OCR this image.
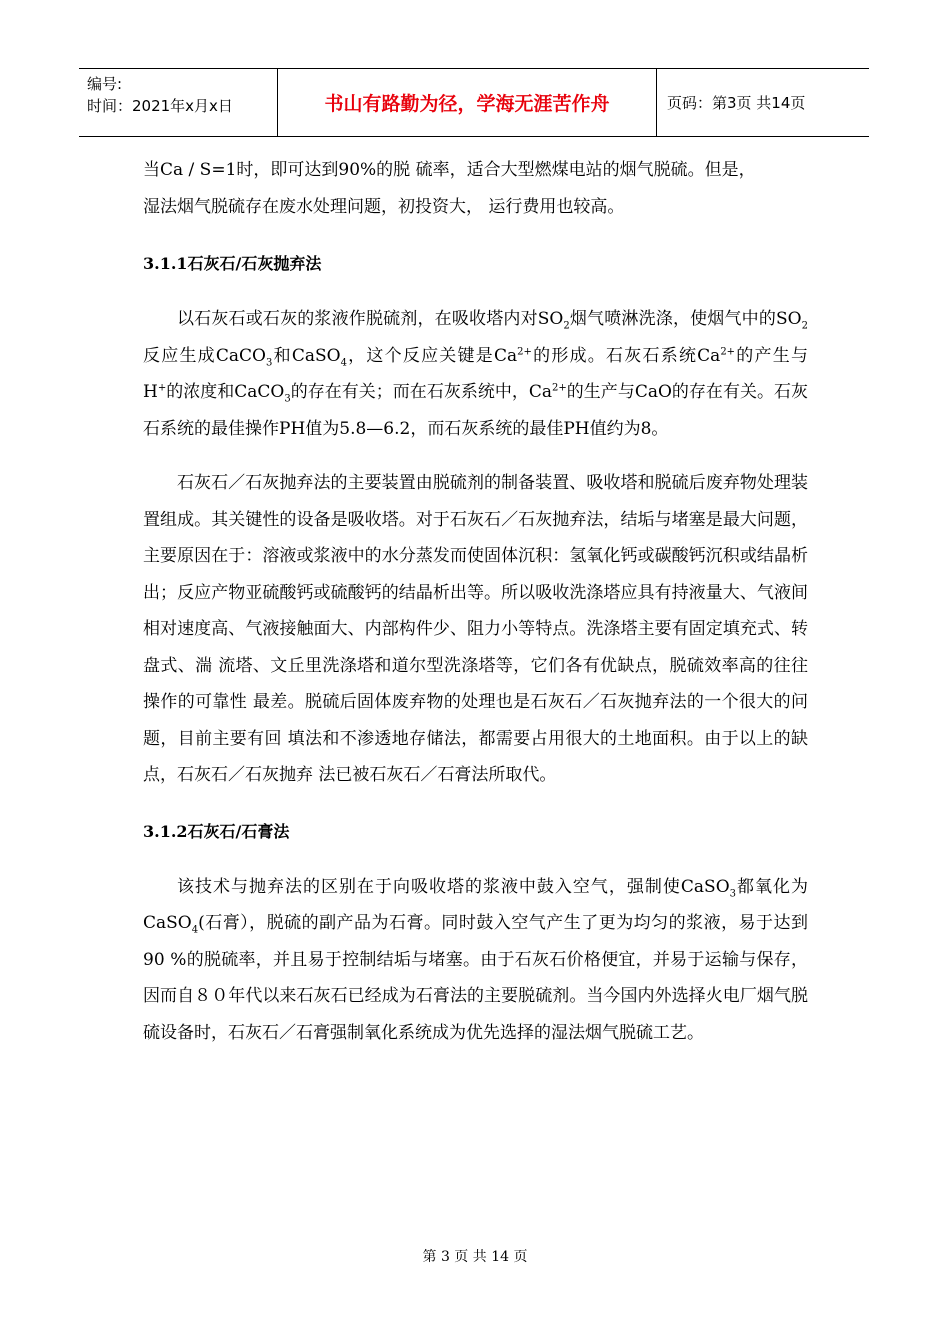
编号:
时间：2021年x月x日	书山有路勤为径，学海无涯苦作舟	页码：第3页 共14页

当Ca / S=1时，即可达到90%的脱 硫率，适合大型燃煤电站的烟气脱硫。但是，
湿法烟气脱硫存在废水处理问题，初投资大， 运行费用也较高。

3.1.1石灰石/石灰抛弃法

以石灰石或石灰的浆液作脱硫剂，在吸收塔内对$SO_2$烟气喷淋洗涤，使烟气中的$SO_2$反应生成CaCO$_3$和CaSO$_4$，这个反应关键是$Ca^{2+}$的形成。石灰石系统$Ca^{2+}$的产生与H+的浓度和CaCO$_3$的存在有关；而在石灰系统中，$Ca^{2+}$的生产与CaO的存在有关。石灰石系统的最佳操作PH值为5.8—6.2，而石灰系统的最佳PH值约为8。

石灰石／石灰抛弃法的主要装置由脱硫剂的制备装置、吸收塔和脱硫后废弃物处理装 置组成。其关键性的设备是吸收塔。对于石灰石／石灰抛弃法，结垢与堵塞是最大问题，主要原因在于：溶液或浆液中的水分蒸发而使固体沉积：氢氧化钙或碳酸钙沉积或结晶析出；反应产物亚硫酸钙或硫酸钙的结晶析出等。所以吸收洗涤塔应具有持液量大、气液间相对速度高、气液接触面大、内部构件少、阻力小等特点。洗涤塔主要有固定填充式、转盘式、湍 流塔、文丘里洗涤塔和道尔型洗涤塔等，它们各有优缺点，脱硫效率高的往往操作的可靠性 最差。脱硫后固体废弃物的处理也是石灰石／石灰抛弃法的一个很大的问题，目前主要有回 填法和不渗透地存储法，都需要占用很大的土地面积。由于以上的缺点，石灰石／石灰抛弃 法已被石灰石／石膏法所取代。

3.1.2石灰石/石膏法

该技术与抛弃法的区别在于向吸收塔的浆液中鼓入空气，强制使CaSO$_3$都氧化为CaSO$_4$(石膏），脱硫的副产品为石膏。同时鼓入空气产生了更为均匀的浆液，易于达到90 %的脱硫率，并且易于控制结垢与堵塞。由于石灰石价格便宜，并易于运输与保存，因而自８０年代以来石灰石已经成为石膏法的主要脱硫剂。当今国内外选择火电厂烟气脱硫设备时，石灰石／石膏强制氧化系统成为优先选择的湿法烟气脱硫工艺。

第 3 页 共 14 页
